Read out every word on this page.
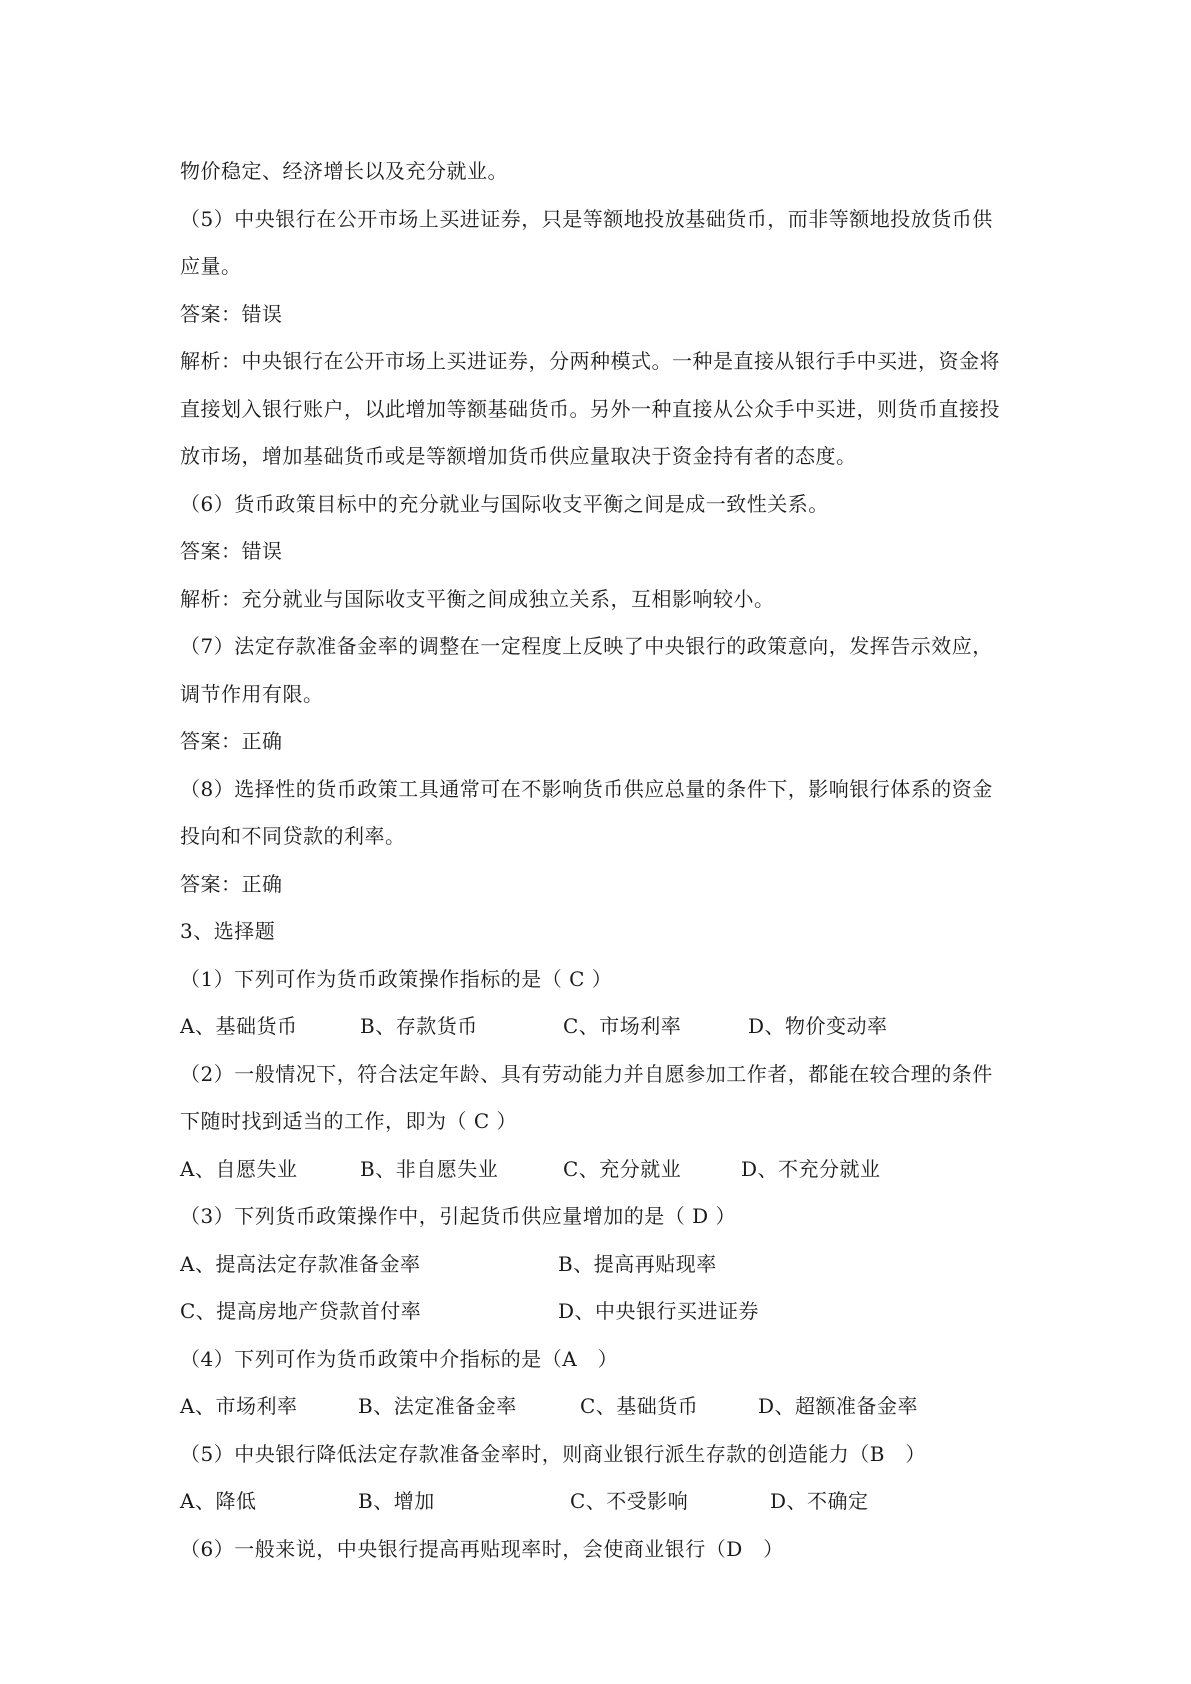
物价稳定、经济增长以及充分就业。
（5）中央银行在公开市场上买进证券，只是等额地投放基础货币，而非等额地投放货币供
应量。
答案：错误
解析：中央银行在公开市场上买进证券，分两种模式。一种是直接从银行手中买进，资金将
直接划入银行账户，以此增加等额基础货币。另外一种直接从公众手中买进，则货币直接投
放市场，增加基础货币或是等额增加货币供应量取决于资金持有者的态度。
（6）货币政策目标中的充分就业与国际收支平衡之间是成一致性关系。
答案：错误
解析：充分就业与国际收支平衡之间成独立关系，互相影响较小。
（7）法定存款准备金率的调整在一定程度上反映了中央银行的政策意向，发挥告示效应，
调节作用有限。
答案：正确
（8）选择性的货币政策工具通常可在不影响货币供应总量的条件下，影响银行体系的资金
投向和不同贷款的利率。
答案：正确
3、选择题
（1）下列可作为货币政策操作指标的是（ C ）
A、基础货币	B、存款货币	C、市场利率	D、物价变动率
（2）一般情况下，符合法定年龄、具有劳动能力并自愿参加工作者，都能在较合理的条件
下随时找到适当的工作，即为（ C ）
A、自愿失业	B、非自愿失业	C、充分就业	D、不充分就业
（3）下列货币政策操作中，引起货币供应量增加的是（ D ）
A、提高法定存款准备金率	B、提高再贴现率
C、提高房地产贷款首付率	D、中央银行买进证券
（4）下列可作为货币政策中介指标的是（A　）
A、市场利率	B、法定准备金率	C、基础货币	D、超额准备金率
（5）中央银行降低法定存款准备金率时，则商业银行派生存款的创造能力（B　）
A、降低	B、增加	C、不受影响	D、不确定
（6）一般来说，中央银行提高再贴现率时，会使商业银行（D　）
